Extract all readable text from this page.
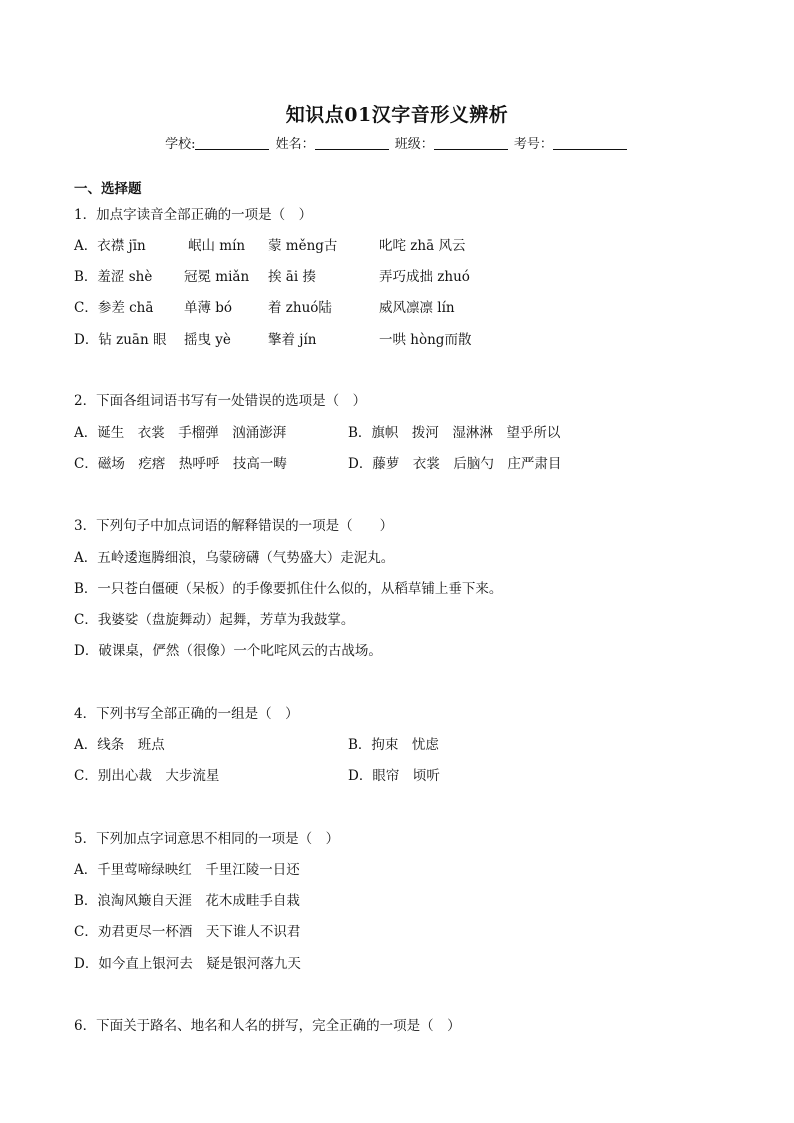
知识点01汉字音形义辨析
学校:	姓名：	班级：	考号：
一、选择题
1．加点字读音全部正确的一项是（　）
A．衣襟 jīn	岷山 mín 蒙 měng古	叱咤 zhā 风云
B．羞涩 shè 冠冕 miǎn 挨 āi 揍	弄巧成拙 zhuó
C．参差 chā 单薄 bó	着 zhuó陆	威风凛凛 lín
D．钻 zuān 眼 摇曳 yè	擎着 jín	一哄 hòng而散
2．下面各组词语书写有一处错误的选项是（　）
A．诞生　衣裳　手榴弹　汹涌澎湃	B．旗帜　拨河　湿淋淋　望乎所以
C．磁场　疙瘩　热呼呼　技高一畴	D．藤萝　衣裳　后脑勺　庄严肃目
3．下列句子中加点词语的解释错误的一项是（　　）
A．五岭逶迤腾细浪，乌蒙磅礴（气势盛大）走泥丸。
B．一只苍白僵硬（呆板）的手像要抓住什么似的，从稻草铺上垂下来。
C．我婆娑（盘旋舞动）起舞，芳草为我鼓掌。
D．破课桌，俨然（很像）一个叱咤风云的古战场。
4．下列书写全部正确的一组是（　）
A．线条　班点	B．拘束　忧虑
C．别出心裁　大步流星	D．眼帘　顷听
5．下列加点字词意思不相同的一项是（　）
A．千里莺啼绿映红　千里江陵一日还
B．浪淘风簸自天涯　花木成畦手自栽
C．劝君更尽一杯酒　天下谁人不识君
D．如今直上银河去　疑是银河落九天
6．下面关于路名、地名和人名的拼写，完全正确的一项是（　）
